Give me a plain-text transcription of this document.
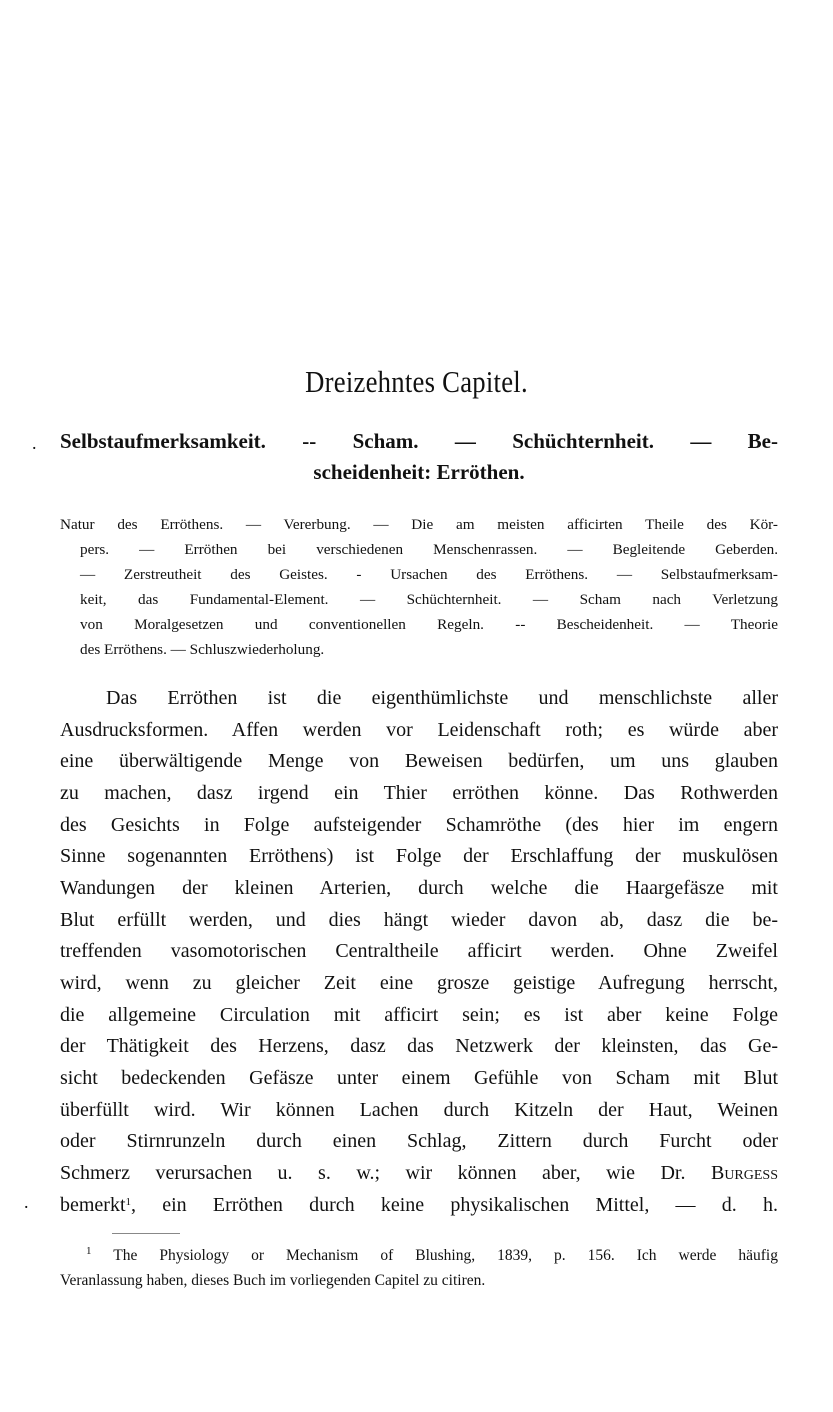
Dreizehntes Capitel.
. Selbstaufmerksamkeit. -- Scham. — Schüchternheit. — Be-
scheidenheit: Erröthen.
Natur des Erröthens. — Vererbung. — Die am meisten afficirten Theile des Kör-
pers. — Erröthen bei verschiedenen Menschenrassen. — Begleitende Geberden.
— Zerstreutheit des Geistes. - Ursachen des Erröthens. — Selbstaufmerksam-
keit, das Fundamental-Element. — Schüchternheit. — Scham nach Verletzung
von Moralgesetzen und conventionellen Regeln. -- Bescheidenheit. — Theorie
des Erröthens. — Schluszwiederholung.
Das Erröthen ist die eigenthümlichste und menschlichste aller
Ausdrucksformen. Affen werden vor Leidenschaft roth; es würde aber
eine überwältigende Menge von Beweisen bedürfen, um uns glauben
zu machen, dasz irgend ein Thier erröthen könne. Das Rothwerden
des Gesichts in Folge aufsteigender Schamröthe (des hier im engern
Sinne sogenannten Erröthens) ist Folge der Erschlaffung der muskulösen
Wandungen der kleinen Arterien, durch welche die Haargefäsze mit
Blut erfüllt werden, und dies hängt wieder davon ab, dasz die be-
treffenden vasomotorischen Centraltheile afficirt werden. Ohne Zweifel
wird, wenn zu gleicher Zeit eine grosze geistige Aufregung herrscht,
die allgemeine Circulation mit afficirt sein; es ist aber keine Folge
der Thätigkeit des Herzens, dasz das Netzwerk der kleinsten, das Ge-
sicht bedeckenden Gefäsze unter einem Gefühle von Scham mit Blut
überfüllt wird. Wir können Lachen durch Kitzeln der Haut, Weinen
oder Stirnrunzeln durch einen Schlag, Zittern durch Furcht oder
Schmerz verursachen u. s. w.; wir können aber, wie Dr. Burgess
bemerkt$^1$, ein Erröthen durch keine physikalischen Mittel, — d. h.
.
$^1$ The Physiology or Mechanism of Blushing, 1839, p. 156. Ich werde häufig
Veranlassung haben, dieses Buch im vorliegenden Capitel zu citiren.
